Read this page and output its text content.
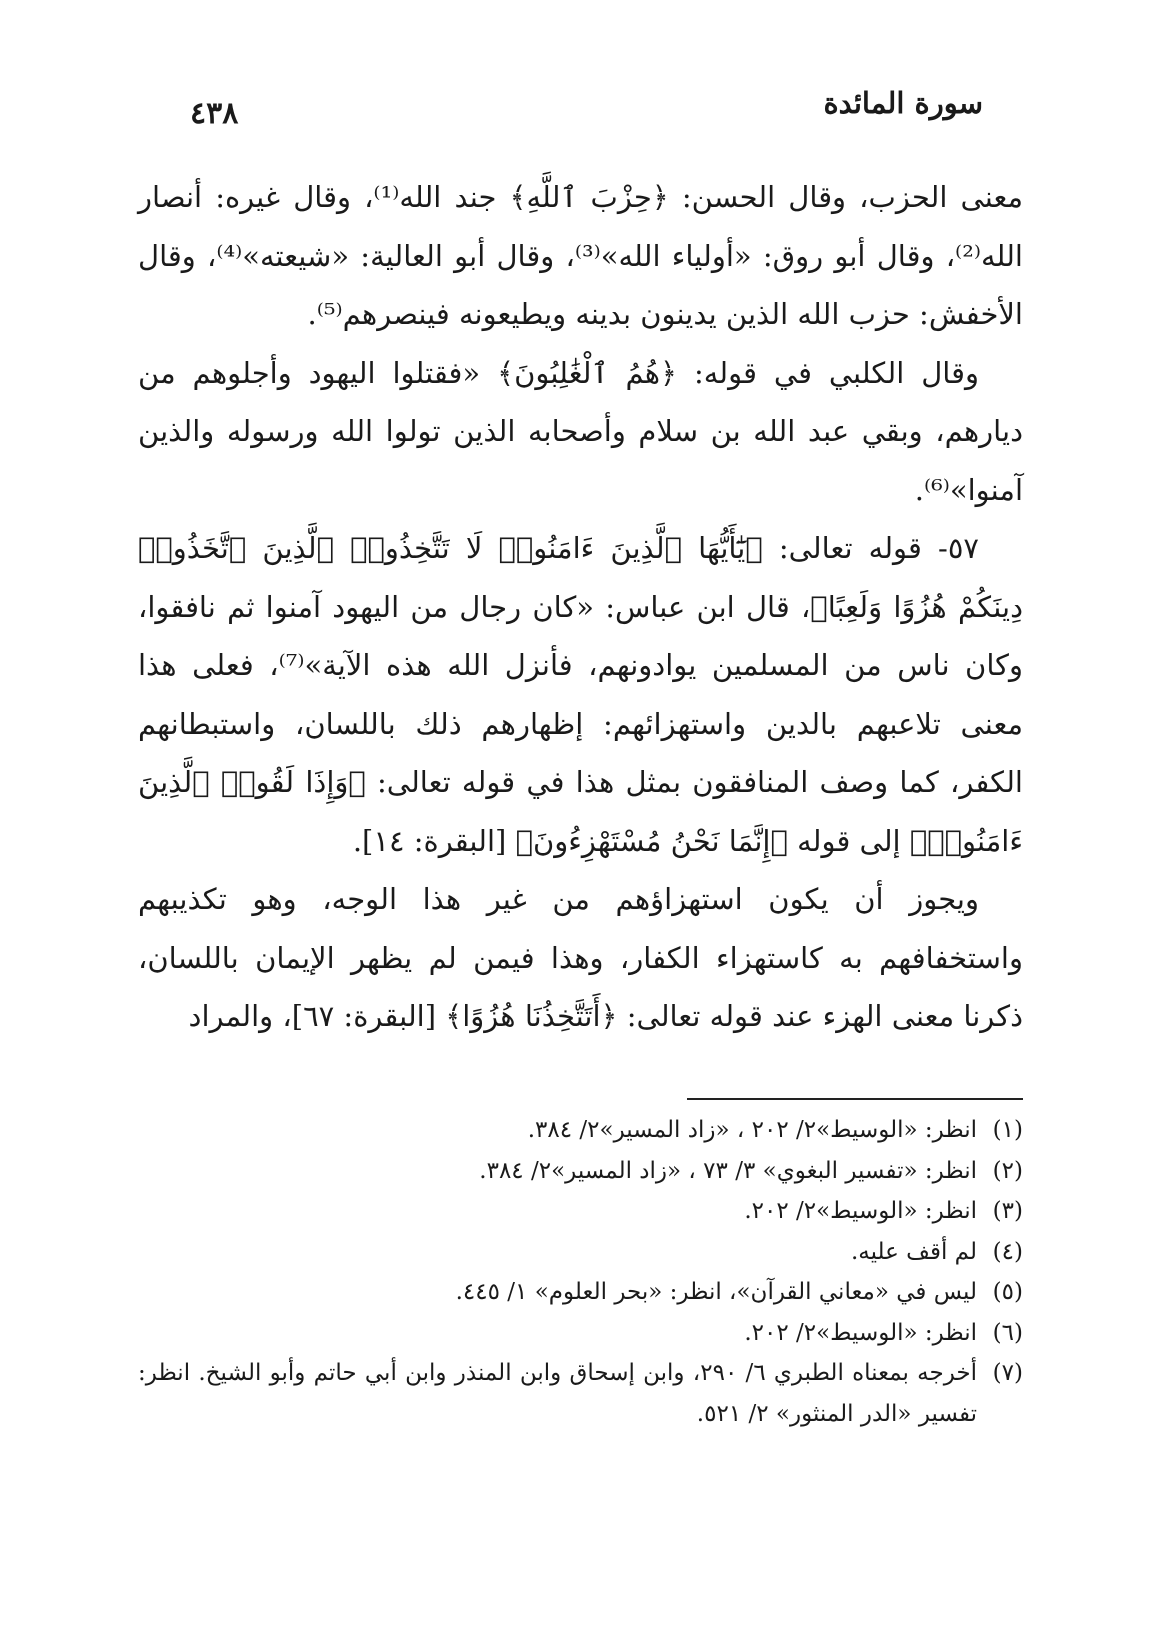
٤٣٨	سورة المائدة

معنى الحزب، وقال الحسن: ﴿حِزْبَ ٱللَّهِ﴾ جند الله⁽¹⁾، وقال غيره: أنصار الله⁽²⁾، وقال أبو روق: «أولياء الله»⁽³⁾، وقال أبو العالية: «شيعته»⁽⁴⁾، وقال الأخفش: حزب الله الذين يدينون بدينه ويطيعونه فينصرهم⁽⁵⁾.

وقال الكلبي في قوله: ﴿هُمُ ٱلْغَٰلِبُونَ﴾ «فقتلوا اليهود وأجلوهم من ديارهم، وبقي عبد الله بن سلام وأصحابه الذين تولوا الله ورسوله والذين آمنوا»⁽⁶⁾.

٥٧- قوله تعالى: ﴿يَٰٓأَيُّهَا ٱلَّذِينَ ءَامَنُوا۟ لَا تَتَّخِذُوا۟ ٱلَّذِينَ ٱتَّخَذُوا۟ دِينَكُمْ هُزُوًا وَلَعِبًا﴾، قال ابن عباس: «كان رجال من اليهود آمنوا ثم نافقوا، وكان ناس من المسلمين يوادونهم، فأنزل الله هذه الآية»⁽⁷⁾، فعلى هذا معنى تلاعبهم بالدين واستهزائهم: إظهارهم ذلك باللسان، واستبطانهم الكفر، كما وصف المنافقون بمثل هذا في قوله تعالى: ﴿وَإِذَا لَقُوا۟ ٱلَّذِينَ ءَامَنُوا۟﴾ إلى قوله ﴿إِنَّمَا نَحْنُ مُسْتَهْزِءُونَ﴾ [البقرة: ١٤].

ويجوز أن يكون استهزاؤهم من غير هذا الوجه، وهو تكذيبهم واستخفافهم به كاستهزاء الكفار، وهذا فيمن لم يظهر الإيمان باللسان، ذكرنا معنى الهزء عند قوله تعالى: ﴿أَتَتَّخِذُنَا هُزُوًا﴾ [البقرة: ٦٧]، والمراد

(١)
انظر: «الوسيط»٢/ ٢٠٢ ، «زاد المسير»٢/ ٣٨٤.
(٢)
انظر: «تفسير البغوي» ٣/ ٧٣ ، «زاد المسير»٢/ ٣٨٤.
(٣)
انظر: «الوسيط»٢/ ٢٠٢.
(٤)
لم أقف عليه.
(٥)
ليس في «معاني القرآن»، انظر: «بحر العلوم» ١/ ٤٤٥.
(٦)
انظر: «الوسيط»٢/ ٢٠٢.
(٧)
أخرجه بمعناه الطبري ٦/ ٢٩٠، وابن إسحاق وابن المنذر وابن أبي حاتم وأبو الشيخ. انظر: تفسير «الدر المنثور» ٢/ ٥٢١.
